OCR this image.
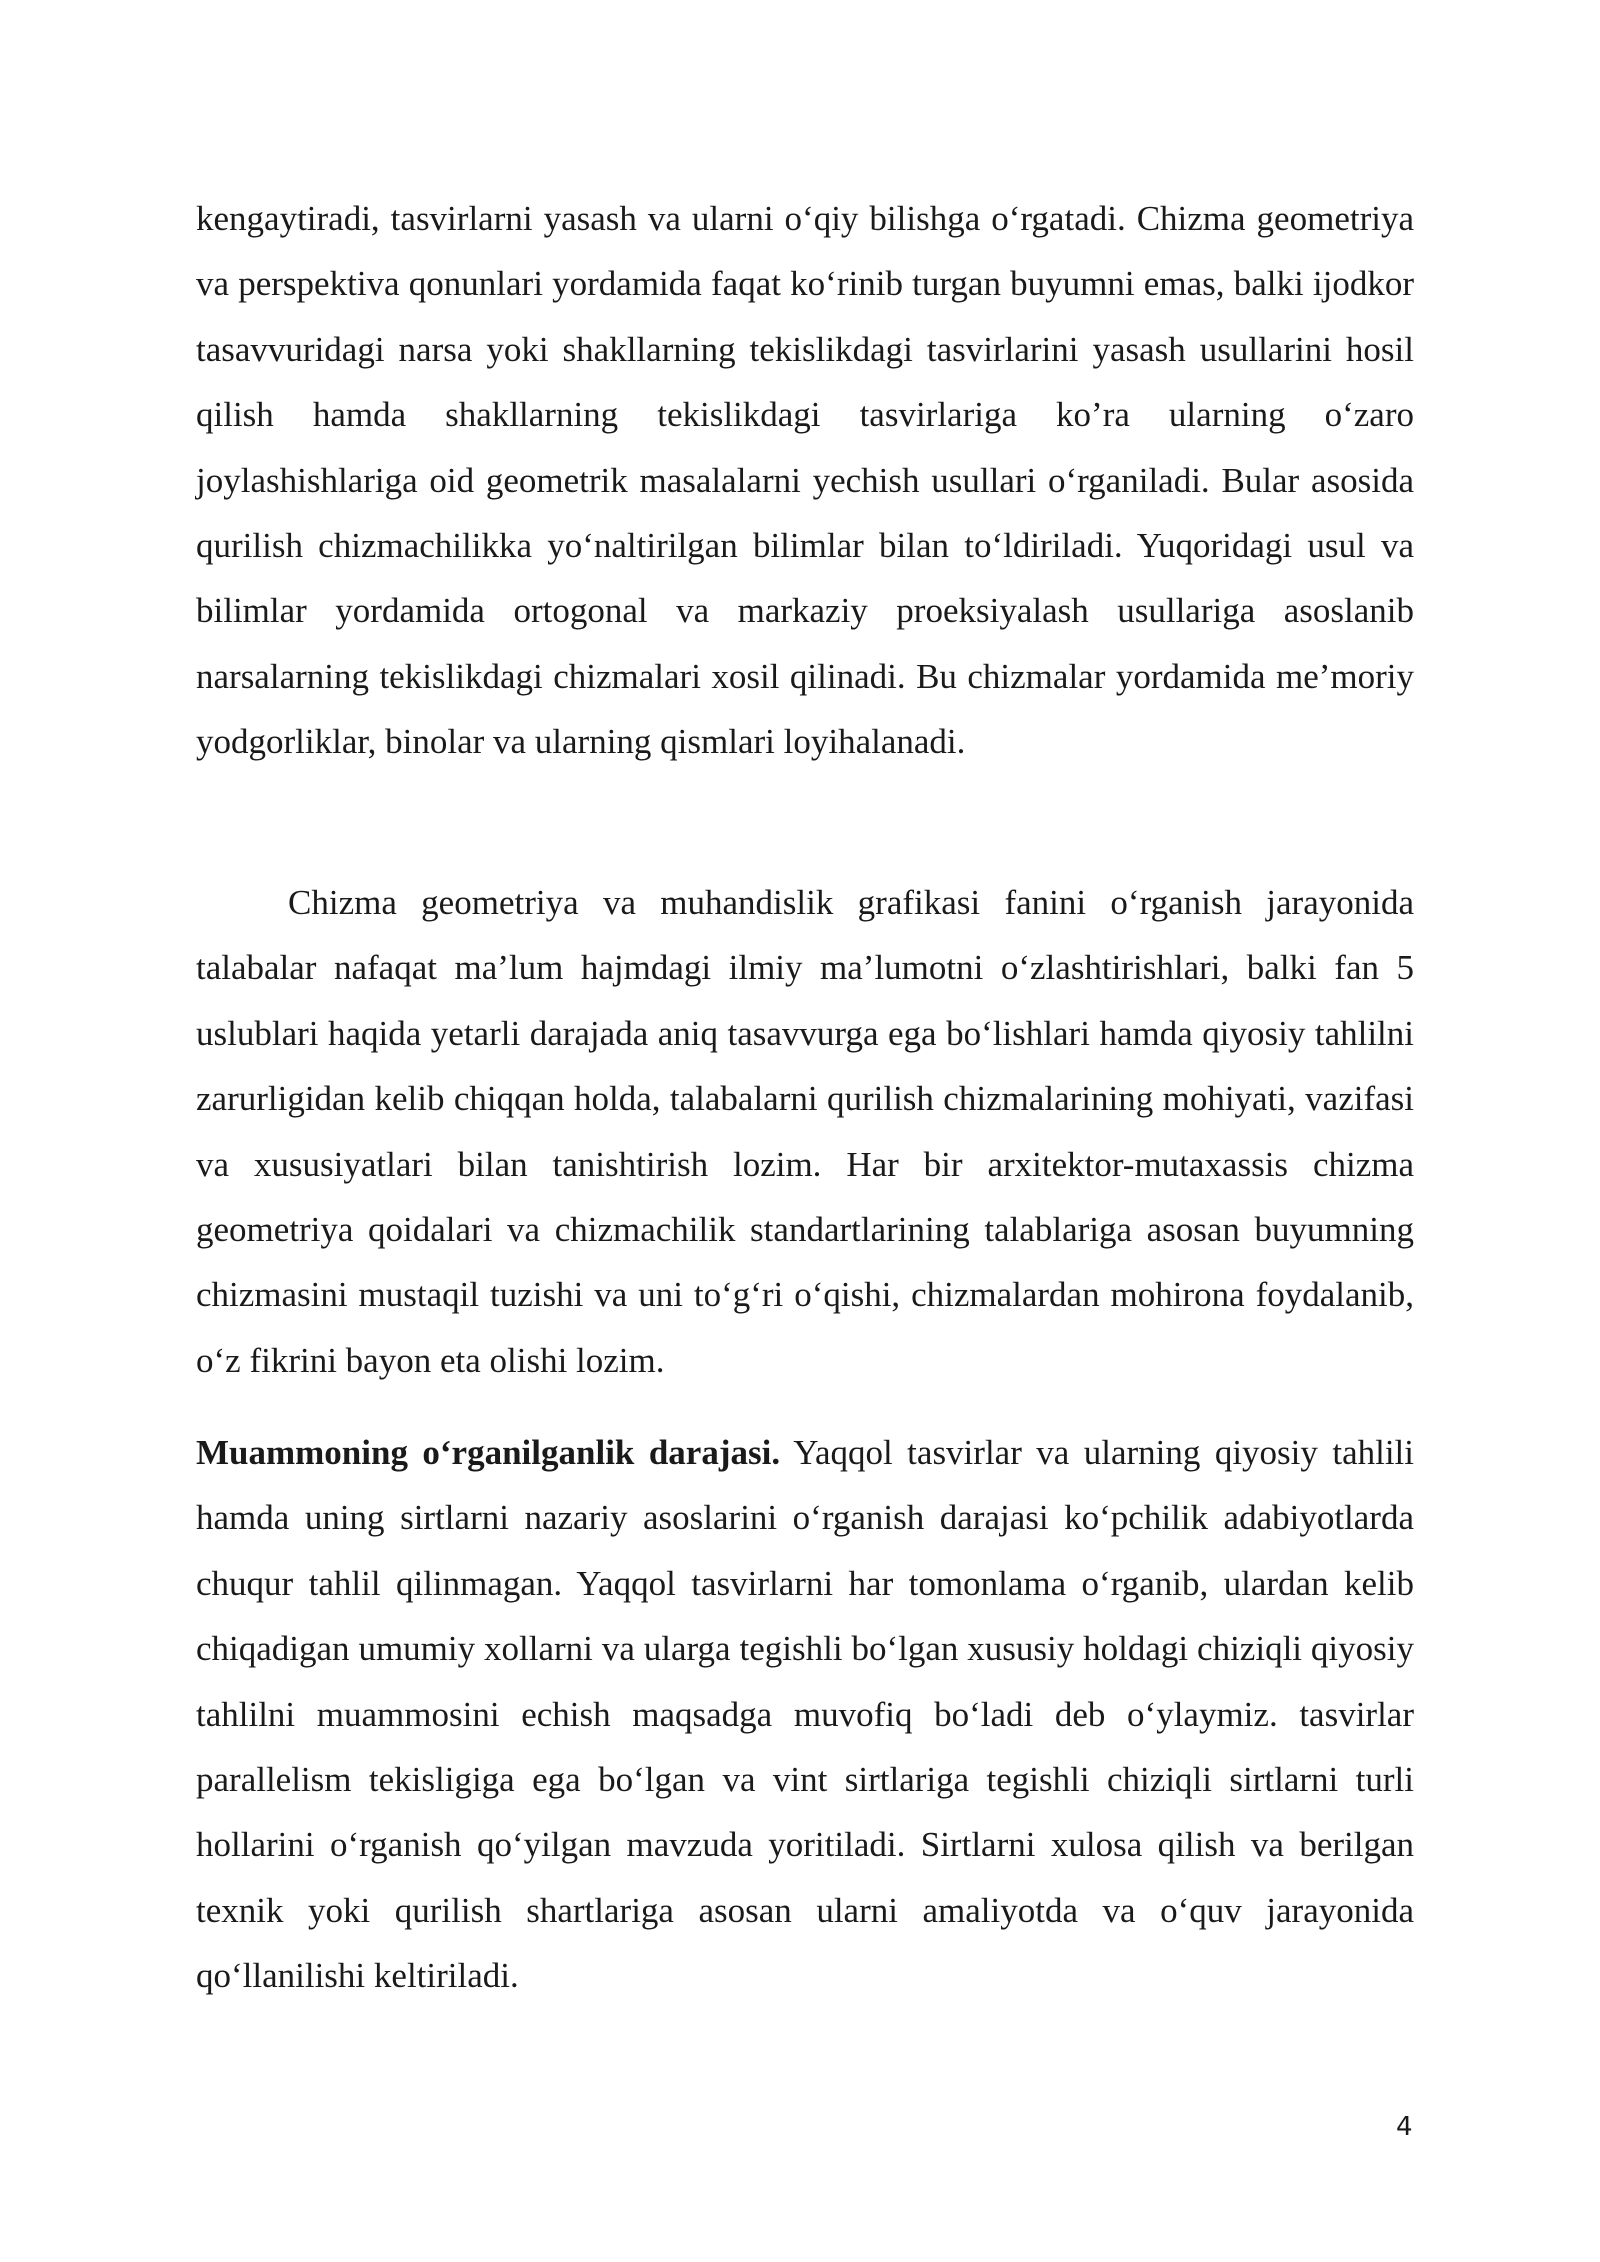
kengaytiradi, tasvirlarni yasash va ularni o‘qiy bilishga o‘rgatadi. Chizma geometriya va perspektiva qonunlari yordamida faqat ko‘rinib turgan buyumni emas, balki ijodkor tasavvuridagi narsa yoki shakllarning tekislikdagi tasvirlarini yasash usullarini hosil qilish hamda shakllarning tekislikdagi tasvirlariga ko’ra ularning o‘zaro joylashishlariga oid geometrik masalalarni yechish usullari o‘rganiladi. Bular asosida qurilish chizmachilikka yo‘naltirilgan bilimlar bilan to‘ldiriladi. Yuqoridagi usul va bilimlar yordamida ortogonal va markaziy proeksiyalash usullariga asoslanib narsalarning tekislikdagi chizmalari xosil qilinadi. Bu chizmalar yordamida me’moriy yodgorliklar, binolar va ularning qismlari loyihalanadi.

Chizma geometriya va muhandislik grafikasi fanini o‘rganish jarayonida talabalar nafaqat ma’lum hajmdagi ilmiy ma’lumotni o‘zlashtirishlari, balki fan 5 uslublari haqida yetarli darajada aniq tasavvurga ega bo‘lishlari hamda qiyosiy tahlilni zarurligidan kelib chiqqan holda, talabalarni qurilish chizmalarining mohiyati, vazifasi va xususiyatlari bilan tanishtirish lozim. Har bir arxitektor-mutaxassis chizma geometriya qoidalari va chizmachilik standartlarining talablariga asosan buyumning chizmasini mustaqil tuzishi va uni to‘g‘ri o‘qishi, chizmalardan mohirona foydalanib, o‘z fikrini bayon eta olishi lozim.

Muammoning o‘rganilganlik darajasi. Yaqqol tasvirlar va ularning qiyosiy tahlili hamda uning sirtlarni nazariy asoslarini o‘rganish darajasi ko‘pchilik adabiyotlarda chuqur tahlil qilinmagan. Yaqqol tasvirlarni har tomonlama o‘rganib, ulardan kelib chiqadigan umumiy xollarni va ularga tegishli bo‘lgan xususiy holdagi chiziqli qiyosiy tahlilni muammosini echish maqsadga muvofiq bo‘ladi deb o‘ylaymiz. tasvirlar parallelism tekisligiga ega bo‘lgan va vint sirtlariga tegishli chiziqli sirtlarni turli hollarini o‘rganish qo‘yilgan mavzuda yoritiladi. Sirtlarni xulosa qilish va berilgan texnik yoki qurilish shartlariga asosan ularni amaliyotda va o‘quv jarayonida qo‘llanilishi keltiriladi.

4
